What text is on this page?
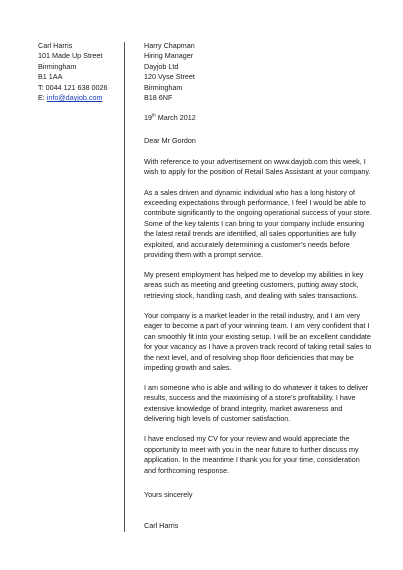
Carl Harris
101 Made Up Street
Birmingham
B1 1AA
T: 0044 121 638 0026
E: info@dayjob.com
Harry Chapman
Hiring Manager
Dayjob Ltd
120 Vyse Street
Birmingham
B18 6NF
19th March 2012
Dear Mr Gordon

With reference to your advertisement on www.dayjob.com this week, I wish to apply for the position of Retail Sales Assistant at your company.

As a sales driven and dynamic individual who has a long history of exceeding expectations through performance, I feel I would be able to contribute significantly to the ongoing operational success of your store. Some of the key talents I can bring to your company include ensuring the latest retail trends are identified, all sales opportunities are fully exploited, and accurately determining a customer’s needs before providing them with a prompt service.

My present employment has helped me to develop my abilities in key areas such as meeting and greeting customers, putting away stock, retrieving stock, handling cash, and dealing with sales transactions.

Your company is a market leader in the retail industry, and I am very eager to become a part of your winning team. I am very confident that I can smoothly fit into your existing setup. I will be an excellent candidate for your vacancy as I have a proven track record of taking retail sales to the next level, and of resolving shop floor deficiencies that may be impeding growth and sales.

I am someone who is able and willing to do whatever it takes to deliver results, success and the maximising of a store’s profitability. I have extensive knowledge of brand integrity, market awareness and delivering high levels of customer satisfaction.

I have enclosed my CV for your review and would appreciate the opportunity to meet with you in the near future to further discuss my application. In the meantime I thank you for your time, consideration and forthcoming response.

Yours sincerely
Carl Harris
